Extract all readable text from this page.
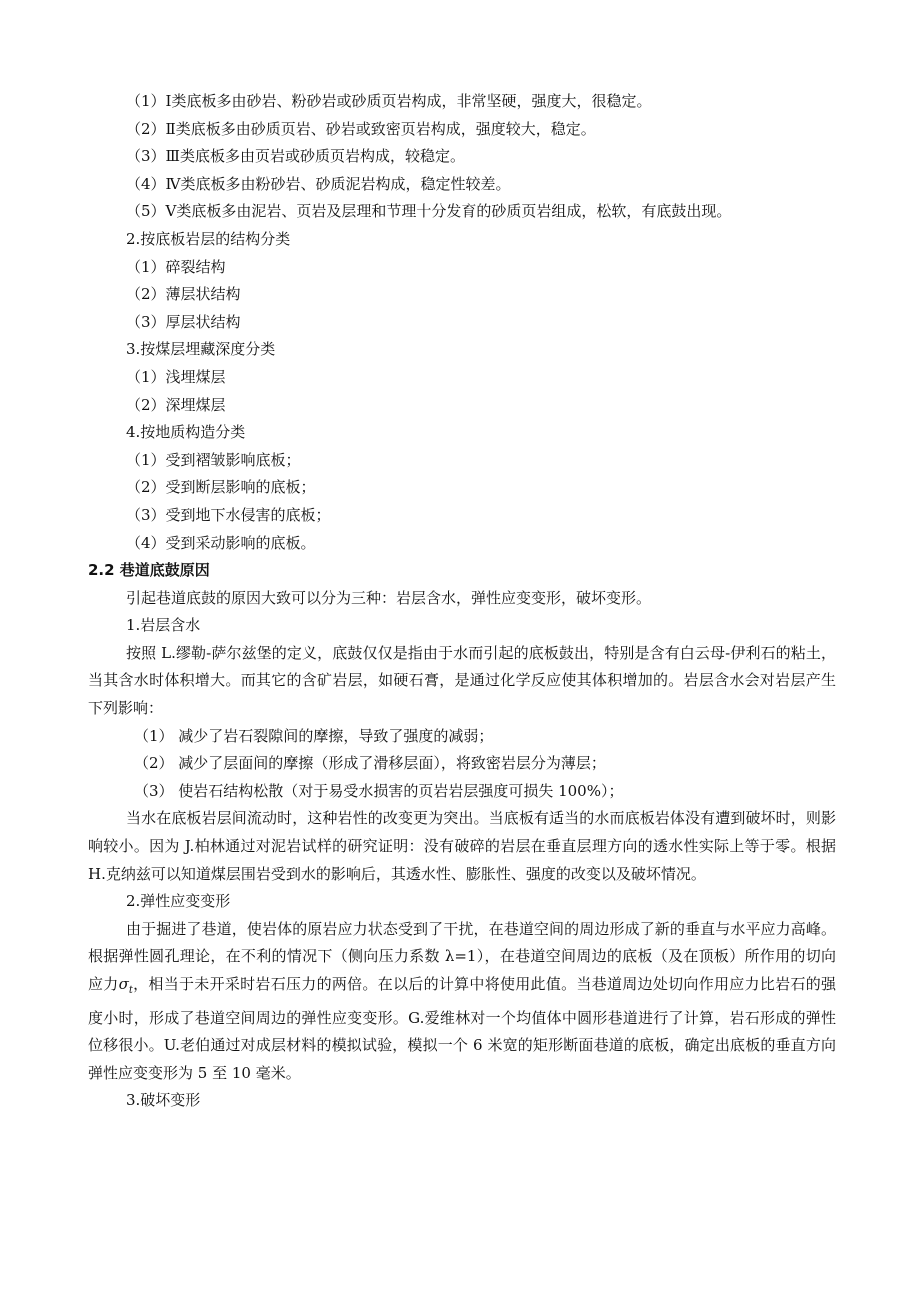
（1）Ⅰ类底板多由砂岩、粉砂岩或砂质页岩构成，非常坚硬，强度大，很稳定。

（2）Ⅱ类底板多由砂质页岩、砂岩或致密页岩构成，强度较大，稳定。

（3）Ⅲ类底板多由页岩或砂质页岩构成，较稳定。

（4）Ⅳ类底板多由粉砂岩、砂质泥岩构成，稳定性较差。

（5）Ⅴ类底板多由泥岩、页岩及层理和节理十分发育的砂质页岩组成，松软，有底鼓出现。

2.按底板岩层的结构分类

（1）碎裂结构

（2）薄层状结构

（3）厚层状结构

3.按煤层埋藏深度分类

（1）浅埋煤层

（2）深埋煤层

4.按地质构造分类

（1）受到褶皱影响底板；

（2）受到断层影响的底板；

（3）受到地下水侵害的底板；

（4）受到采动影响的底板。

2.2 巷道底鼓原因

引起巷道底鼓的原因大致可以分为三种：岩层含水，弹性应变变形，破坏变形。

1.岩层含水

按照 L.缪勒-萨尔兹堡的定义，底鼓仅仅是指由于水而引起的底板鼓出，特别是含有白云母-伊利石的粘土，当其含水时体积增大。而其它的含矿岩层，如硬石膏，是通过化学反应使其体积增加的。岩层含水会对岩层产生下列影响：

（1） 减少了岩石裂隙间的摩擦，导致了强度的减弱；

（2） 减少了层面间的摩擦（形成了滑移层面），将致密岩层分为薄层；

（3） 使岩石结构松散（对于易受水损害的页岩岩层强度可损失 100%）；

当水在底板岩层间流动时，这种岩性的改变更为突出。当底板有适当的水而底板岩体没有遭到破坏时，则影响较小。因为 J.柏林通过对泥岩试样的研究证明：没有破碎的岩层在垂直层理方向的透水性实际上等于零。根据 H.克纳兹可以知道煤层围岩受到水的影响后，其透水性、膨胀性、强度的改变以及破坏情况。

2.弹性应变变形

由于掘进了巷道，使岩体的原岩应力状态受到了干扰，在巷道空间的周边形成了新的垂直与水平应力高峰。根据弹性圆孔理论，在不利的情况下（侧向压力系数 λ=1），在巷道空间周边的底板（及在顶板）所作用的切向应力$\sigma_t$，相当于未开采时岩石压力的两倍。在以后的计算中将使用此值。当巷道周边处切向作用应力比岩石的强度小时，形成了巷道空间周边的弹性应变变形。G.爱维林对一个均值体中圆形巷道进行了计算，岩石形成的弹性位移很小。U.老伯通过对成层材料的模拟试验，模拟一个 6 米宽的矩形断面巷道的底板，确定出底板的垂直方向弹性应变变形为 5 至 10 毫米。

3.破坏变形
